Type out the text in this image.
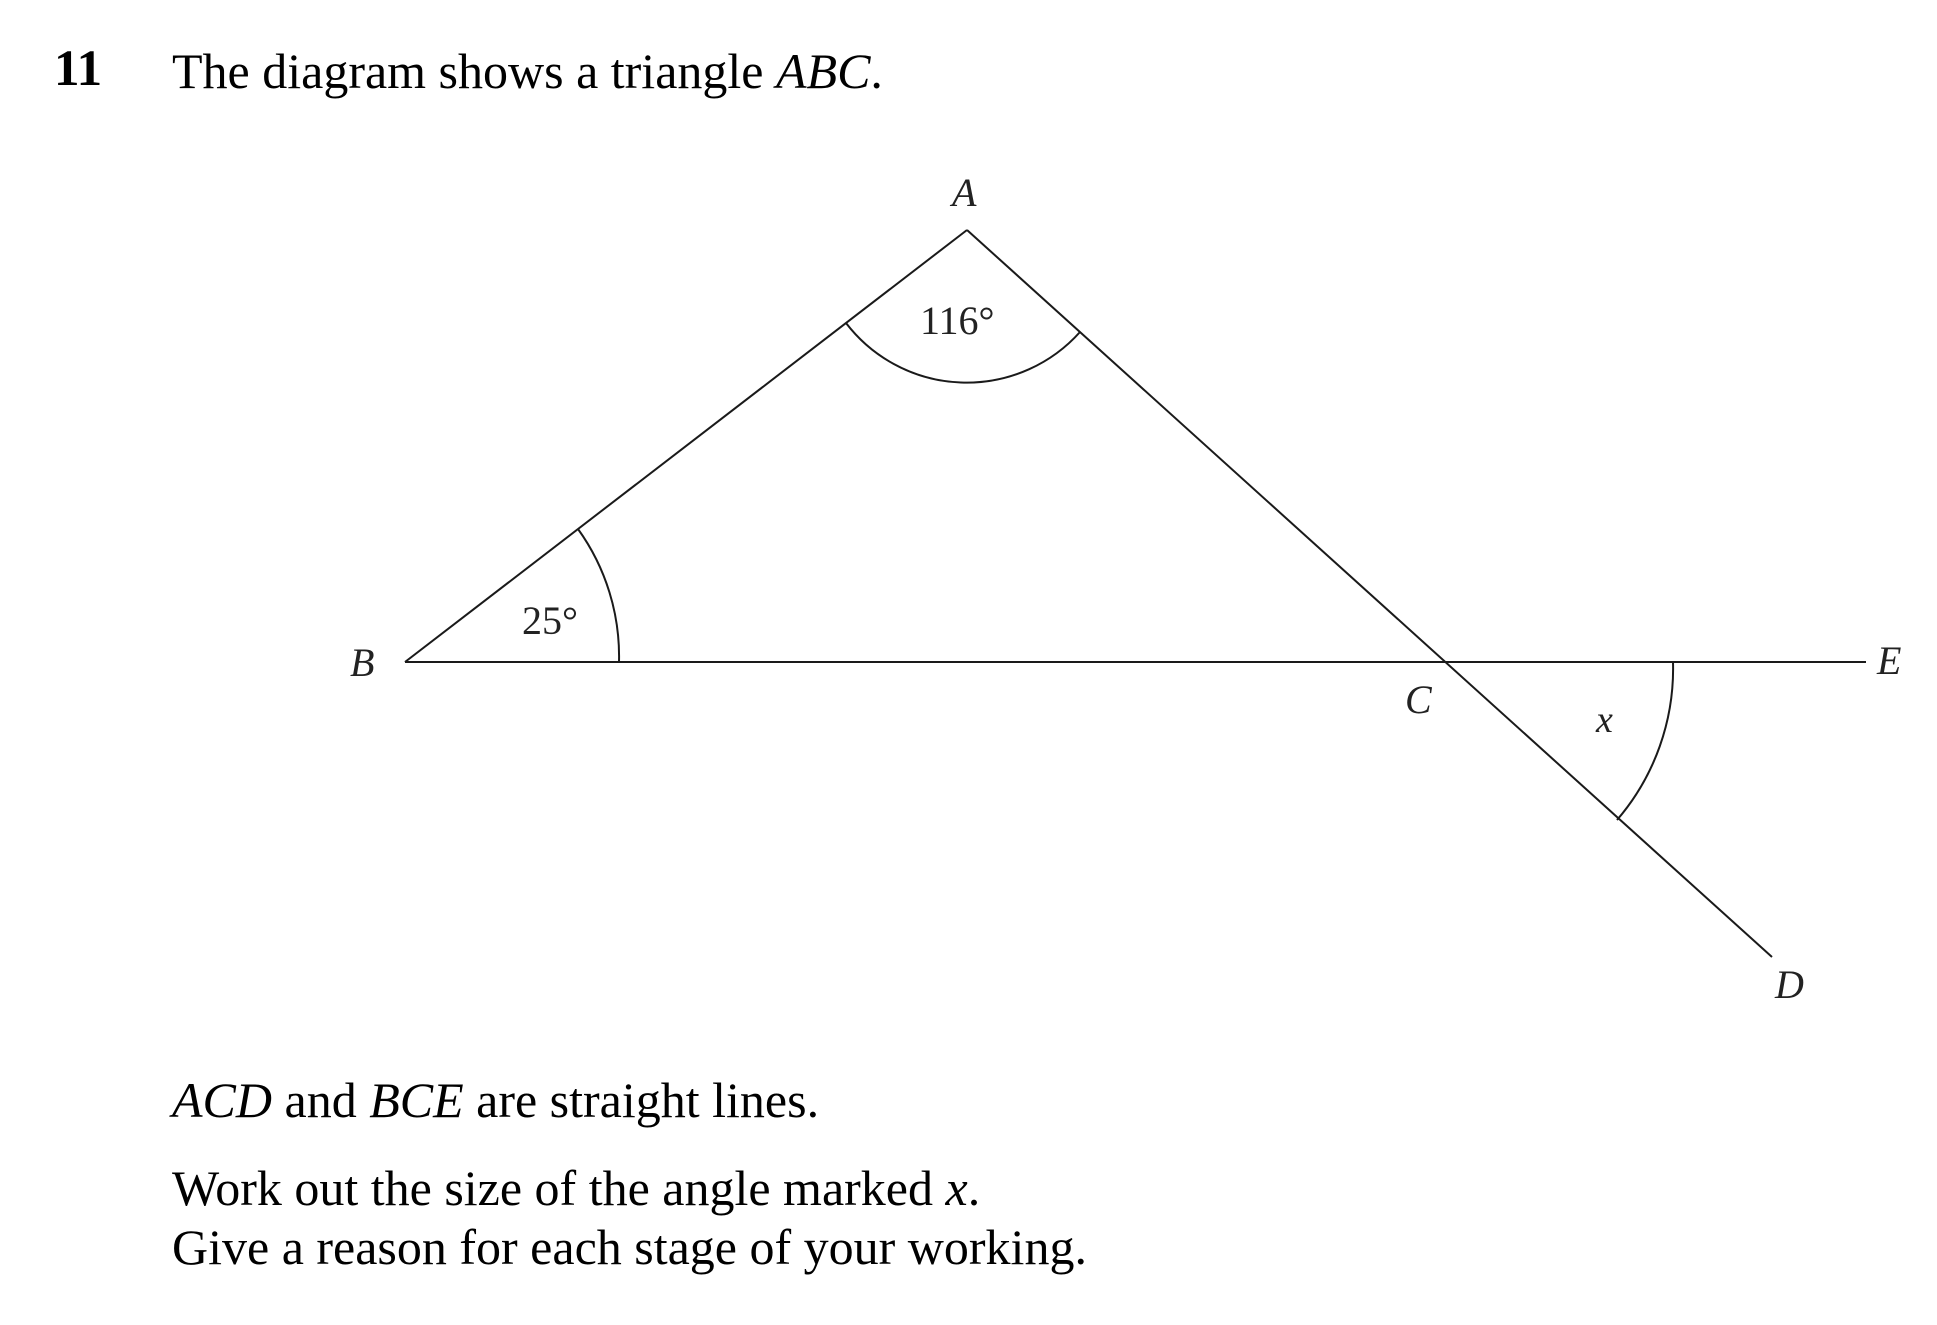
11 The diagram shows a triangle ABC.
A
B
C
D
E
116°
25°
x
ACD and BCE are straight lines.
Work out the size of the angle marked x.
Give a reason for each stage of your working.
